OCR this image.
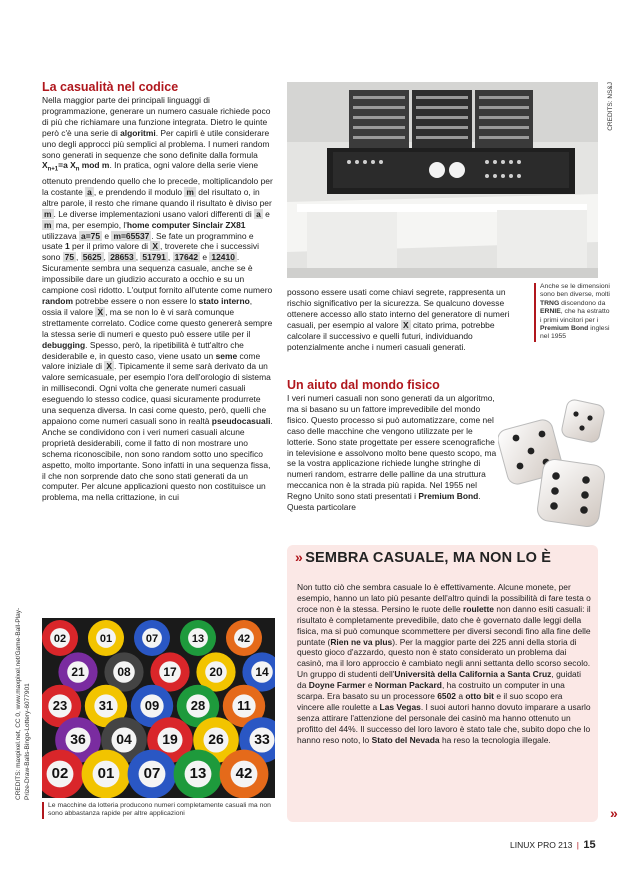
La casualità nel codice
Nella maggior parte dei principali linguaggi di programmazione, generare un numero casuale richiede poco di più che richiamare una funzione integrata. Dietro le quinte però c'è una serie di algoritmi. Per capirli è utile considerare uno degli approcci più semplici al problema. I numeri random sono generati in sequenze che sono definite dalla formula $X_{n+1}=a$ $X_n$ mod m. In pratica, ogni valore della serie viene ottenuto prendendo quello che lo precede, moltiplicandolo per la costante a , e prendendo il modulo m del risultato o, in altre parole, il resto che rimane quando il risultato è diviso per m . Le diverse implementazioni usano valori differenti di a e m ma, per esempio, l'home computer Sinclair ZX81 utilizzava a=75 e m=65537 . Se fate un programmino e usate 1 per il primo valore di X , troverete che i successivi sono 75 , 5625 , 28653 , 51791 , 17642 e 12410 . Sicuramente sembra una sequenza casuale, anche se è impossibile dare un giudizio accurato a occhio e su un campione così ridotto. L'output fornito all'utente come numero random potrebbe essere o non essere lo stato interno, ossia il valore X , ma se non lo è vi sarà comunque strettamente correlato. Codice come questo genererà sempre la stessa serie di numeri e questo può essere utile per il debugging. Spesso, però, la ripetibilità è tutt'altro che desiderabile e, in questo caso, viene usato un seme come valore iniziale di X . Tipicamente il seme sarà derivato da un valore semicasuale, per esempio l'ora dell'orologio di sistema in millisecondi. Ogni volta che generate numeri casuali eseguendo lo stesso codice, quasi sicuramente produrrete una sequenza diversa. In casi come questo, però, quelli che appaiono come numeri casuali sono in realtà pseudocasuali. Anche se condividono con i veri numeri casuali alcune proprietà desiderabili, come il fatto di non mostrare uno schema riconoscibile, non sono random sotto uno specifico aspetto, molto importante. Sono infatti in una sequenza fissa, il che non sorprende dato che sono stati generati da un computer. Per alcune applicazioni questo non costituisce un problema, ma nella crittazione, in cui
CREDITS: NS&J
Anche se le dimensioni sono ben diverse, molti TRNG discendono da ERNIE, che ha estratto i primi vincitori per i Premium Bond inglesi nel 1955
possono essere usati come chiavi segrete, rappresenta un rischio significativo per la sicurezza. Se qualcuno dovesse ottenere accesso allo stato interno del generatore di numeri casuali, per esempio al valore X citato prima, potrebbe calcolare il successivo e quelli futuri, individuando potenzialmente anche i numeri casuali generati.
Un aiuto dal mondo fisico
I veri numeri casuali non sono generati da un algoritmo, ma si basano su un fattore imprevedibile del mondo fisico. Questo processo si può automatizzare, come nel caso delle macchine che vengono utilizzate per le lotterie. Sono state progettate per essere scenografiche in televisione e assolvono molto bene questo scopo, ma se la vostra applicazione richiede lunghe stringhe di numeri random, estrarre delle palline da una struttura meccanica non è la strada più rapida. Nel 1955 nel Regno Unito sono stati presentati i Premium Bond. Questa particolare
02	01	07	13	42
21	08	17	20	14
23 31 09 28 11
36 04 19 26 33
02 01 07 13 42
CREDITS: maxpixel.net, CC 0, www.maxpixel.net/Game-Ball-Play- Prize-Draw-Balls-Bingo-Lottery-6077901
Le macchine da lotteria producono numeri completamente casuali ma non sono abbastanza rapide per altre applicazioni
» SEMBRA CASUALE, MA NON LO È
Non tutto ciò che sembra casuale lo è effettivamente. Alcune monete, per esempio, hanno un lato più pesante dell'altro quindi la possibilità di fare testa o croce non è la stessa. Persino le ruote delle roulette non danno esiti casuali: il risultato è completamente prevedibile, dato che è governato dalle leggi della fisica, ma si può comunque scommettere per diversi secondi fino alla fine delle puntate (Rien ne va plus). Per la maggior parte dei 225 anni della storia di questo gioco d'azzardo, questo non è stato considerato un problema dai casinò, ma il loro approccio è cambiato negli anni settanta dello scorso secolo. Un gruppo di studenti dell'Università della California a Santa Cruz, guidati da Doyne Farmer e Norman Packard, ha costruito un computer in una scarpa. Era basato su un processore 6502 a otto bit e il suo scopo era vincere alle roulette a Las Vegas. I suoi autori hanno dovuto imparare a usarlo senza attirare l'attenzione del personale dei casinò ma hanno ottenuto un profitto del 44%. Il successo del loro lavoro è stato tale che, subito dopo che lo hanno reso noto, lo Stato del Nevada ha reso la tecnologia illegale.
»
LINUX PRO 213 | 15
